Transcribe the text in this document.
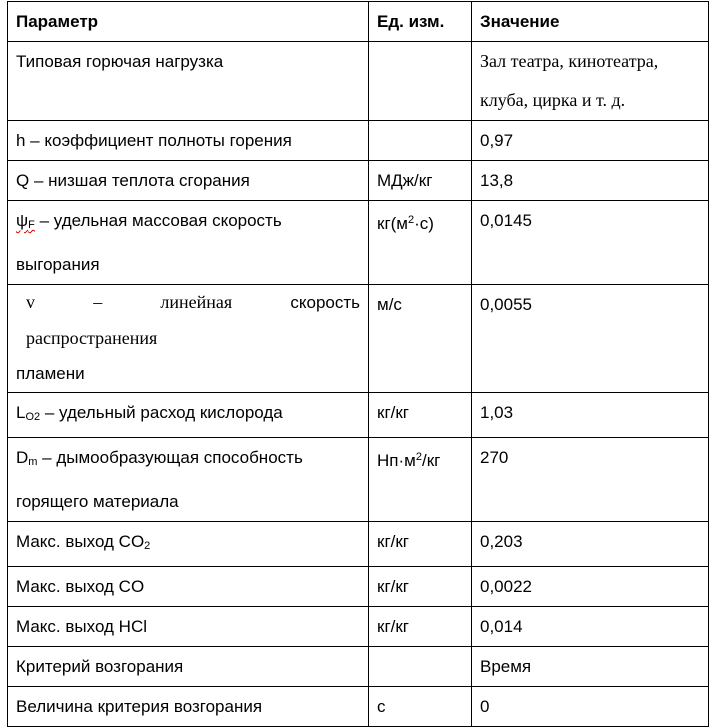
Параметр	Ед. изм.	Значение
Типовая горючая нагрузка		Зал театра, кинотеатра, клуба, цирка и т. д.
h – коэффициент полноты горения		0,97
Q – низшая теплота сгорания	МДж/кг	13,8
ψF – удельная массовая скорость выгорания	$кг(м^2\cdot с)$	0,0145

v – линейная скорость
распространения
пламени	м/с	0,0055
LO2 – удельный расход кислорода	кг/кг	1,03
Dm – дымообразующая способность горящего материала	$Нп\cdot м^2/кг$	270
Макс. выход CO2	кг/кг	0,203
Макс. выход CO	кг/кг	0,0022
Макс. выход HCl	кг/кг	0,014
Критерий возгорания		Время
Величина критерия возгорания	с	0
